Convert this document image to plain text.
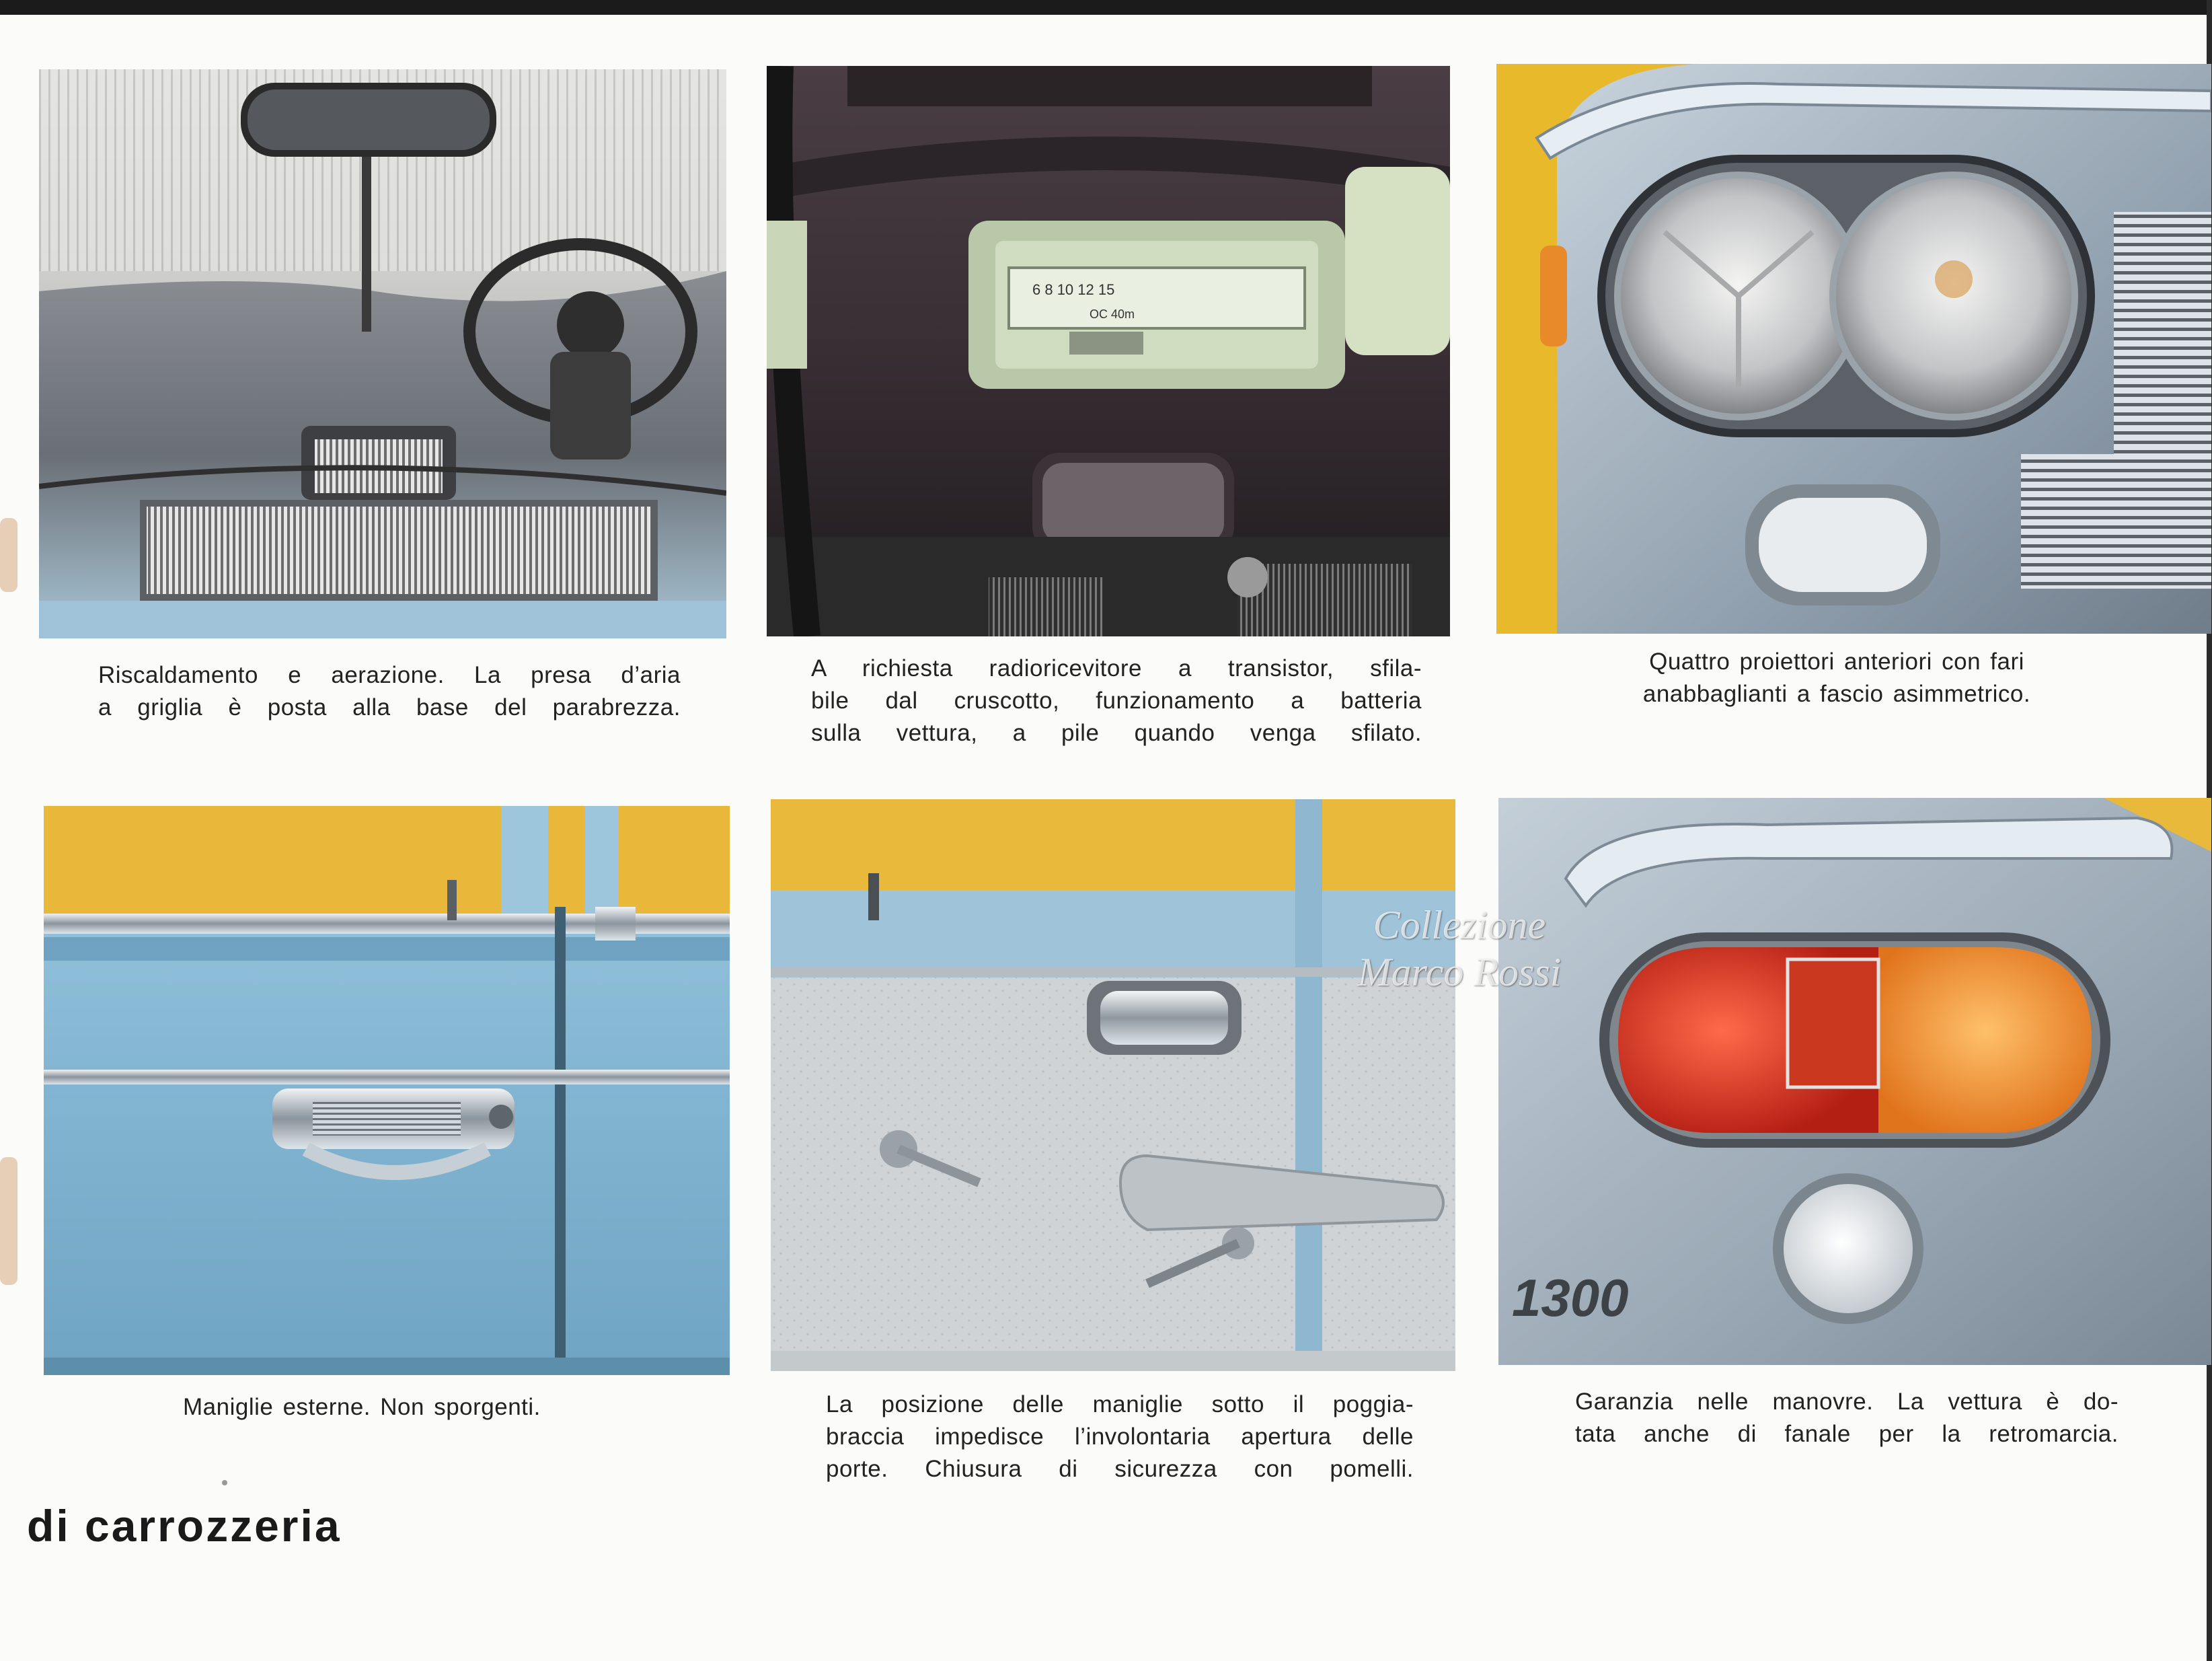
Riscaldamento e aerazione. La presa d’aria
a griglia è posta alla base del parabrezza.
6 8 10 12 15
OC 40m
A richiesta radioricevitore a transistor, sfila-
bile dal cruscotto, funzionamento a batteria
sulla vettura, a pile quando venga sfilato.
Quattro proiettori anteriori con fari
anabbaglianti a fascio asimmetrico.
Maniglie esterne. Non sporgenti.	La posizione delle maniglie sotto il poggia-
braccia impedisce l’involontaria apertura delle
porte. Chiusura di sicurezza con pomelli.
1300
Garanzia nelle manovre. La vettura è do-
tata anche di fanale per la retromarcia.
Collezione
Marco Rossi
di carrozzeria
